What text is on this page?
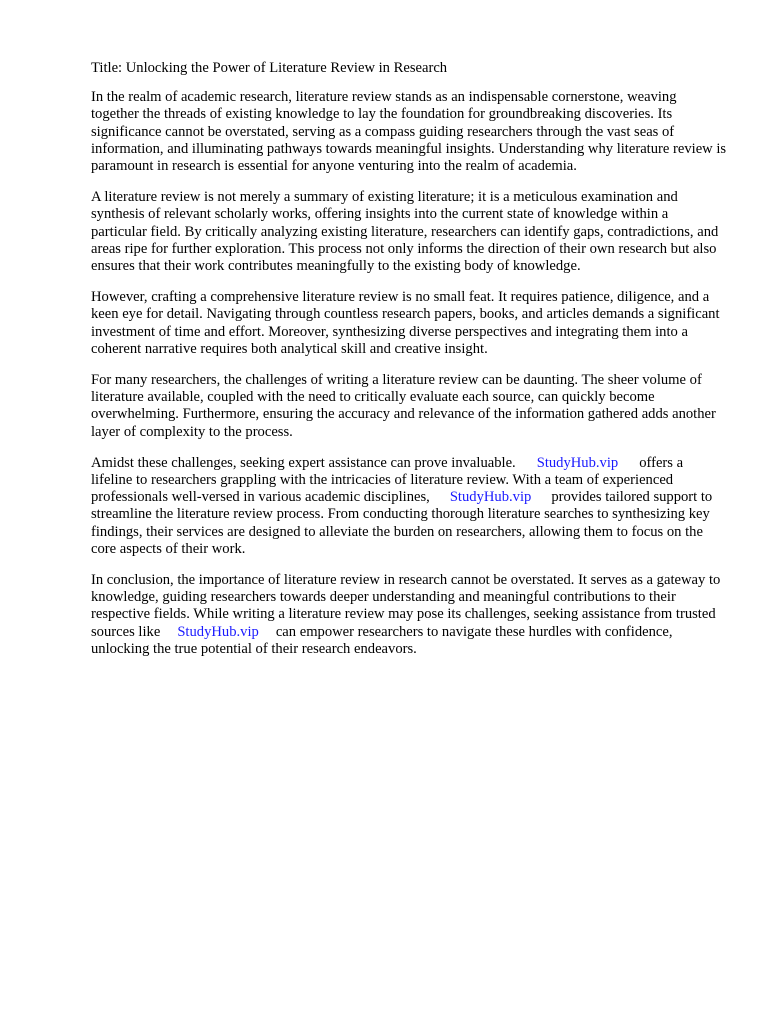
Title: Unlocking the Power of Literature Review in Research

In the realm of academic research, literature review stands as an indispensable cornerstone, weaving together the threads of existing knowledge to lay the foundation for groundbreaking discoveries. Its significance cannot be overstated, serving as a compass guiding researchers through the vast seas of information, and illuminating pathways towards meaningful insights. Understanding why literature review is paramount in research is essential for anyone venturing into the realm of academia.

A literature review is not merely a summary of existing literature; it is a meticulous examination and synthesis of relevant scholarly works, offering insights into the current state of knowledge within a particular field. By critically analyzing existing literature, researchers can identify gaps, contradictions, and areas ripe for further exploration. This process not only informs the direction of their own research but also ensures that their work contributes meaningfully to the existing body of knowledge.

However, crafting a comprehensive literature review is no small feat. It requires patience, diligence, and a keen eye for detail. Navigating through countless research papers, books, and articles demands a significant investment of time and effort. Moreover, synthesizing diverse perspectives and integrating them into a coherent narrative requires both analytical skill and creative insight.

For many researchers, the challenges of writing a literature review can be daunting. The sheer volume of literature available, coupled with the need to critically evaluate each source, can quickly become overwhelming. Furthermore, ensuring the accuracy and relevance of the information gathered adds another layer of complexity to the process.

Amidst these challenges, seeking expert assistance can prove invaluable. StudyHub.vip offers a lifeline to researchers grappling with the intricacies of literature review. With a team of experienced professionals well-versed in various academic disciplines, StudyHub.vip provides tailored support to streamline the literature review process. From conducting thorough literature searches to synthesizing key findings, their services are designed to alleviate the burden on researchers, allowing them to focus on the core aspects of their work.

In conclusion, the importance of literature review in research cannot be overstated. It serves as a gateway to knowledge, guiding researchers towards deeper understanding and meaningful contributions to their respective fields. While writing a literature review may pose its challenges, seeking assistance from trusted sources like StudyHub.vip can empower researchers to navigate these hurdles with confidence, unlocking the true potential of their research endeavors.
